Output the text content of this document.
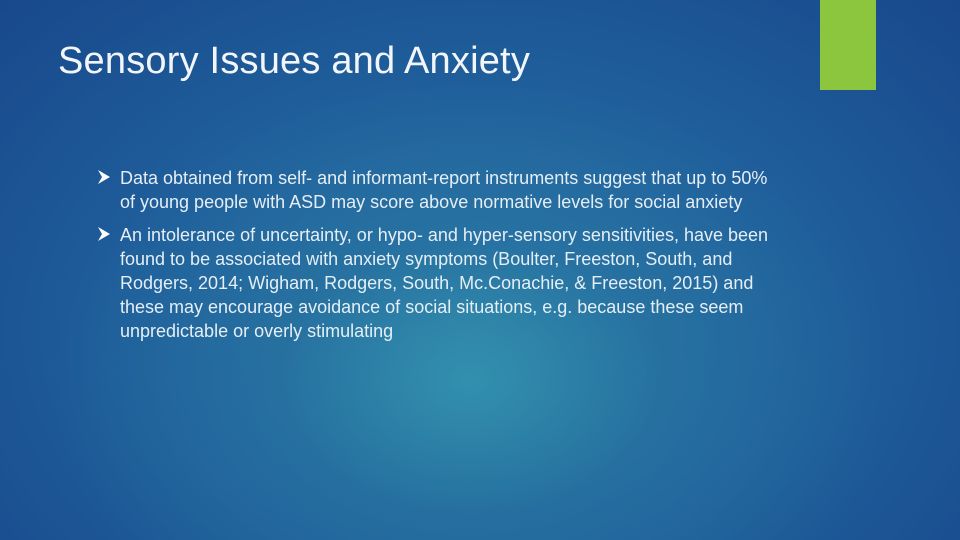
Sensory Issues and Anxiety
Data obtained from self- and informant-report instruments suggest that up to 50% of young people with ASD may score above normative levels for social anxiety
An intolerance of uncertainty, or hypo- and hyper-sensory sensitivities, have been found to be associated with anxiety symptoms (Boulter, Freeston, South, and Rodgers, 2014; Wigham, Rodgers, South, Mc.Conachie, & Freeston, 2015) and these may encourage avoidance of social situations, e.g. because these seem unpredictable or overly stimulating
